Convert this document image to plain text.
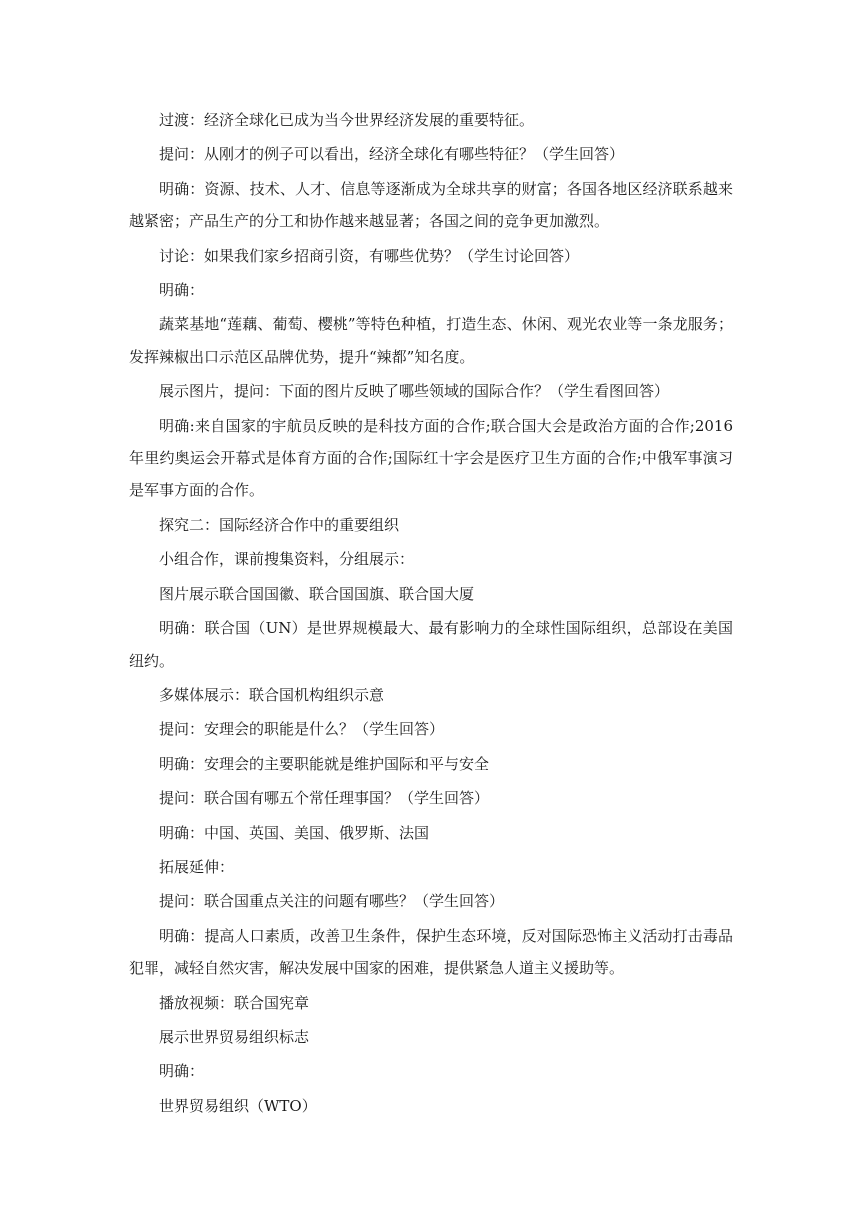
过渡：经济全球化已成为当今世界经济发展的重要特征。

提问：从刚才的例子可以看出，经济全球化有哪些特征？（学生回答）

明确：资源、技术、人才、信息等逐渐成为全球共享的财富；各国各地区经济联系越来越紧密；产品生产的分工和协作越来越显著；各国之间的竞争更加激烈。

讨论：如果我们家乡招商引资，有哪些优势？（学生讨论回答）

明确：

蔬菜基地“莲藕、葡萄、樱桃”等特色种植，打造生态、休闲、观光农业等一条龙服务；发挥辣椒出口示范区品牌优势，提升“辣都”知名度。

展示图片，提问：下面的图片反映了哪些领域的国际合作？（学生看图回答）

明确:来自国家的宇航员反映的是科技方面的合作;联合国大会是政治方面的合作;2016年里约奥运会开幕式是体育方面的合作;国际红十字会是医疗卫生方面的合作;中俄军事演习是军事方面的合作。

探究二：国际经济合作中的重要组织

小组合作，课前搜集资料，分组展示：

图片展示联合国国徽、联合国国旗、联合国大厦

明确：联合国（UN）是世界规模最大、最有影响力的全球性国际组织，总部设在美国纽约。

多媒体展示：联合国机构组织示意

提问：安理会的职能是什么？（学生回答）

明确：安理会的主要职能就是维护国际和平与安全

提问：联合国有哪五个常任理事国？（学生回答）

明确：中国、英国、美国、俄罗斯、法国

拓展延伸：

提问：联合国重点关注的问题有哪些？（学生回答）

明确：提高人口素质，改善卫生条件，保护生态环境，反对国际恐怖主义活动打击毒品犯罪，减轻自然灾害，解决发展中国家的困难，提供紧急人道主义援助等。

播放视频：联合国宪章

展示世界贸易组织标志

明确：

世界贸易组织（WTO）
